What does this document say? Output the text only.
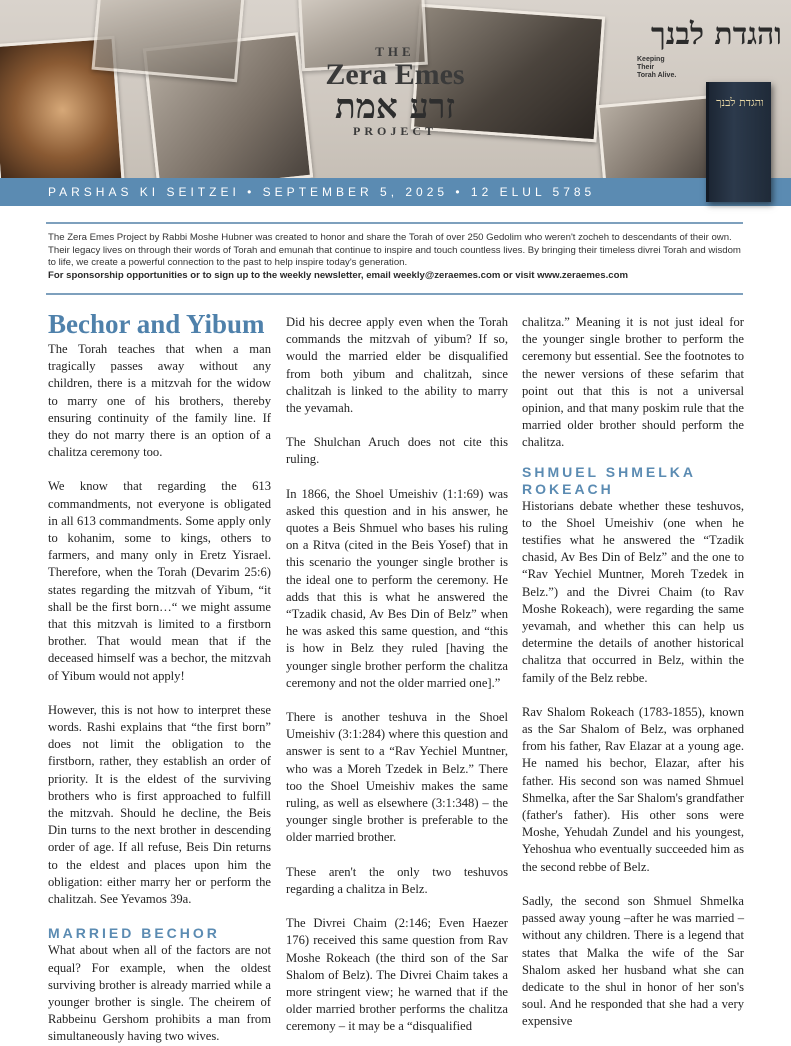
THE
Zera Emes
זרע אמת
PROJECT
והגדת לבנך
Keeping
Their
Torah Alive.
והגדת לבנך
PARSHAS KI SEITZEI • SEPTEMBER 5, 2025 • 12 ELUL 5785
The Zera Emes Project by Rabbi Moshe Hubner was created to honor and share the Torah of over 250 Gedolim who weren't zocheh to descendants of their own. Their legacy lives on through their words of Torah and emunah that continue to inspire and touch countless lives. By bringing their timeless divrei Torah and wisdom to life, we create a powerful connection to the past to help inspire today's generation.
For sponsorship opportunities or to sign up to the weekly newsletter, email weekly@zeraemes.com or visit www.zeraemes.com
Bechor and Yibum

The Torah teaches that when a man tragically passes away without any children, there is a mitzvah for the widow to marry one of his brothers, thereby ensuring continuity of the family line. If they do not marry there is an option of a chalitza ceremony too.

We know that regarding the 613 commandments, not everyone is obligated in all 613 commandments. Some apply only to kohanim, some to kings, others to farmers, and many only in Eretz Yisrael. Therefore, when the Torah (Devarim 25:6) states regarding the mitzvah of Yibum, “it shall be the first born…“ we might assume that this mitzvah is limited to a firstborn brother. That would mean that if the deceased himself was a bechor, the mitzvah of Yibum would not apply!

However, this is not how to interpret these words. Rashi explains that “the first born” does not limit the obligation to the firstborn, rather, they establish an order of priority. It is the eldest of the surviving brothers who is first approached to fulfill the mitzvah. Should he decline, the Beis Din turns to the next brother in descending order of age. If all refuse, Beis Din returns to the eldest and places upon him the obligation: either marry her or perform the chalitzah. See Yevamos 39a.

MARRIED BECHOR

What about when all of the factors are not equal? For example, when the oldest surviving brother is already married while a younger brother is single. The cheirem of Rabbeinu Gershom prohibits a man from simultaneously having two wives.

Did his decree apply even when the Torah commands the mitzvah of yibum? If so, would the married elder be disqualified from both yibum and chalitzah, since chalitzah is linked to the ability to marry the yevamah.

The Shulchan Aruch does not cite this ruling.

In 1866, the Shoel Umeishiv (1:1:69) was asked this question and in his answer, he quotes a Beis Shmuel who bases his ruling on a Ritva (cited in the Beis Yosef) that in this scenario the younger single brother is the ideal one to perform the ceremony. He adds that this is what he answered the “Tzadik chasid, Av Bes Din of Belz” when he was asked this same question, and “this is how in Belz they ruled [having the younger single brother perform the chalitza ceremony and not the older married one].”

There is another teshuva in the Shoel Umeishiv (3:1:284) where this question and answer is sent to a “Rav Yechiel Muntner, who was a Moreh Tzedek in Belz.” There too the Shoel Umeishiv makes the same ruling, as well as elsewhere (3:1:348) – the younger single brother is preferable to the older married brother.

These aren't the only two teshuvos regarding a chalitza in Belz.

The Divrei Chaim (2:146; Even Haezer 176) received this same question from Rav Moshe Rokeach (the third son of the Sar Shalom of Belz). The Divrei Chaim takes a more stringent view; he warned that if the older married brother performs the chalitza ceremony – it may be a “disqualified

chalitza.” Meaning it is not just ideal for the younger single brother to perform the ceremony but essential. See the footnotes to the newer versions of these sefarim that point out that this is not a universal opinion, and that many poskim rule that the married older brother should perform the chalitza.

SHMUEL SHMELKA ROKEACH

Historians debate whether these teshuvos, to the Shoel Umeishiv (one when he testifies what he answered the “Tzadik chasid, Av Bes Din of Belz” and the one to “Rav Yechiel Muntner, Moreh Tzedek in Belz.”) and the Divrei Chaim (to Rav Moshe Rokeach), were regarding the same yevamah, and whether this can help us determine the details of another historical chalitza that occurred in Belz, within the family of the Belz rebbe.

Rav Shalom Rokeach (1783-1855), known as the Sar Shalom of Belz, was orphaned from his father, Rav Elazar at a young age. He named his bechor, Elazar, after his father. His second son was named Shmuel Shmelka, after the Sar Shalom's grandfather (father's father). His other sons were Moshe, Yehudah Zundel and his youngest, Yehoshua who eventually succeeded him as the second rebbe of Belz.

Sadly, the second son Shmuel Shmelka passed away young –after he was married – without any children. There is a legend that states that Malka the wife of the Sar Shalom asked her husband what she can dedicate to the shul in honor of her son's soul. And he responded that she had a very expensive
